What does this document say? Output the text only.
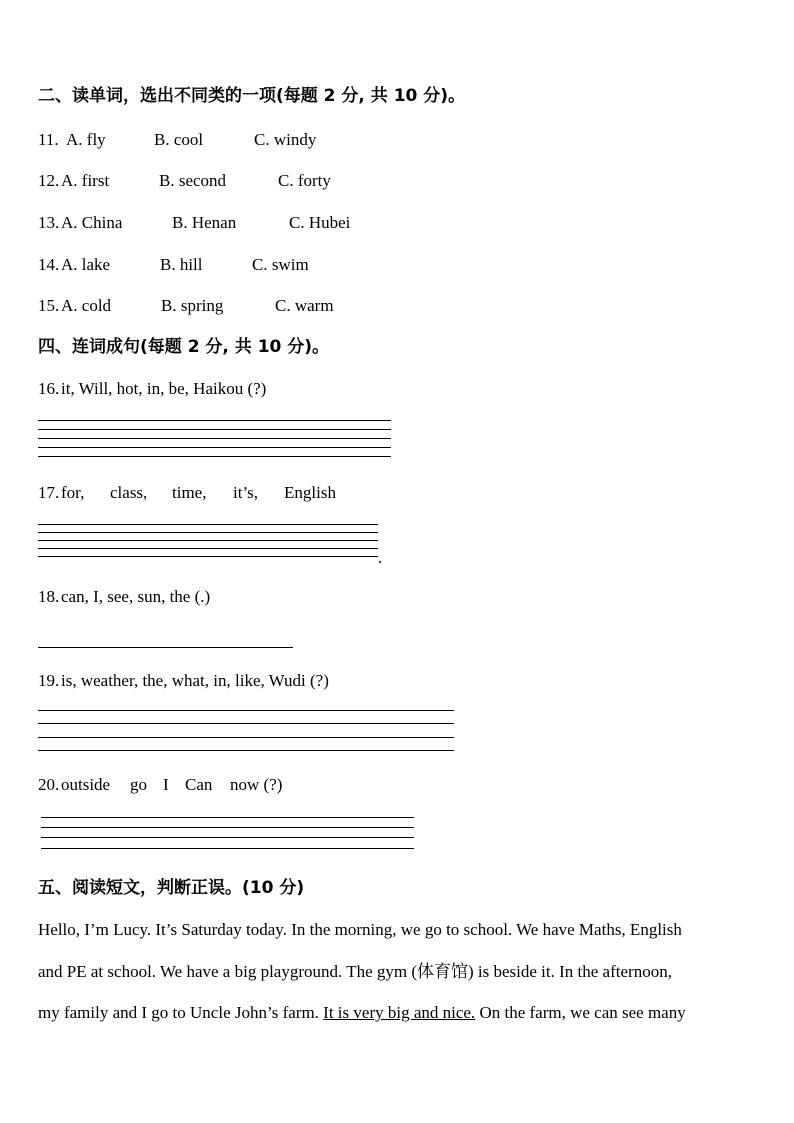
二、读单词，选出不同类的一项(每题 2 分, 共 10 分)。
11. A. fly	B. cool	C. windy
12. A. first	B. second	C. forty
13. A. China	B. Henan	C. Hubei
14. A. lake	B. hill	C. swim
15. A. cold	B. spring	C. warm
四、连词成句(每题 2 分, 共 10 分)。
16. it, Will, hot, in, be, Haikou (?)
17. for, class, time, it’s, English
.
18. can, I, see, sun, the (.)
19. is, weather, the, what, in, like, Wudi (?)
20. outside go I Can now (?)
五、阅读短文，判断正误。(10 分)
Hello, I’m Lucy. It’s Saturday today. In the morning, we go to school. We have Maths, English
and PE at school. We have a big playground. The gym (体育馆) is beside it. In the afternoon,
my family and I go to Uncle John’s farm. It is very big and nice. On the farm, we can see many
